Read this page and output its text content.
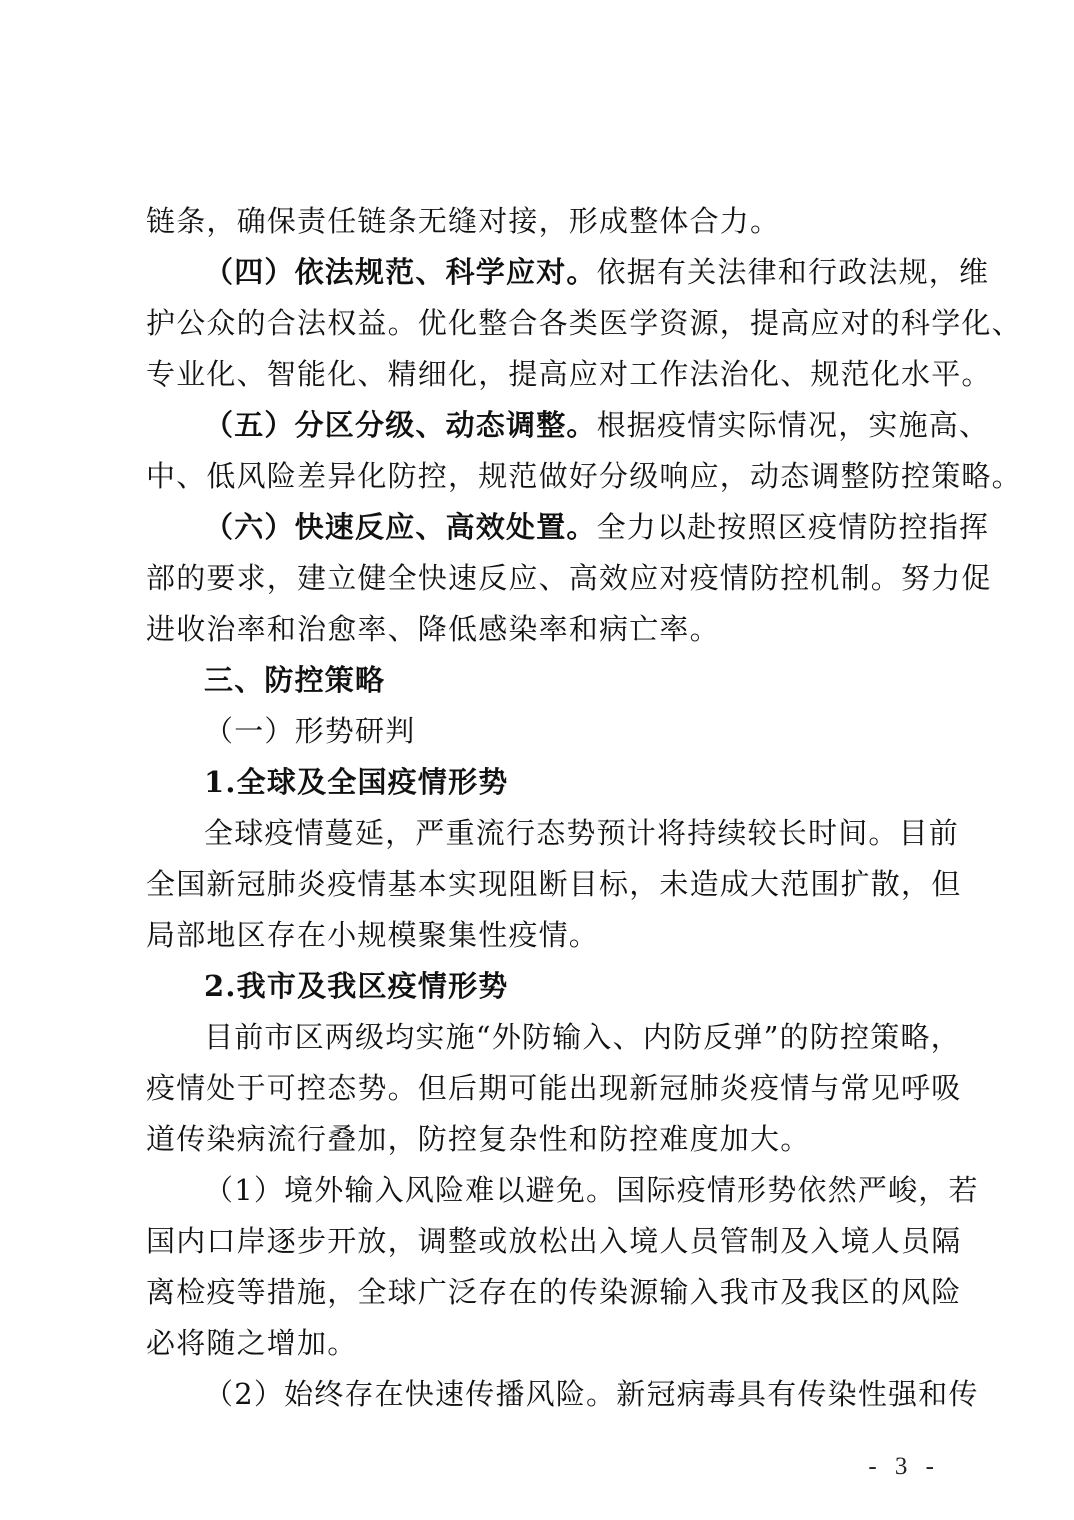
链条，确保责任链条无缝对接，形成整体合力。
（四）依法规范、科学应对。依据有关法律和行政法规，维
护公众的合法权益。优化整合各类医学资源，提高应对的科学化、
专业化、智能化、精细化，提高应对工作法治化、规范化水平。
（五）分区分级、动态调整。根据疫情实际情况，实施高、
中、低风险差异化防控，规范做好分级响应，动态调整防控策略。
（六）快速反应、高效处置。全力以赴按照区疫情防控指挥
部的要求，建立健全快速反应、高效应对疫情防控机制。努力促
进收治率和治愈率、降低感染率和病亡率。
三、防控策略
（一）形势研判
1.全球及全国疫情形势
全球疫情蔓延，严重流行态势预计将持续较长时间。目前
全国新冠肺炎疫情基本实现阻断目标，未造成大范围扩散，但
局部地区存在小规模聚集性疫情。
2.我市及我区疫情形势
目前市区两级均实施“外防输入、内防反弹”的防控策略，
疫情处于可控态势。但后期可能出现新冠肺炎疫情与常见呼吸
道传染病流行叠加，防控复杂性和防控难度加大。
（1）境外输入风险难以避免。国际疫情形势依然严峻，若
国内口岸逐步开放，调整或放松出入境人员管制及入境人员隔
离检疫等措施，全球广泛存在的传染源输入我市及我区的风险
必将随之增加。
（2）始终存在快速传播风险。新冠病毒具有传染性强和传
- 3 -
